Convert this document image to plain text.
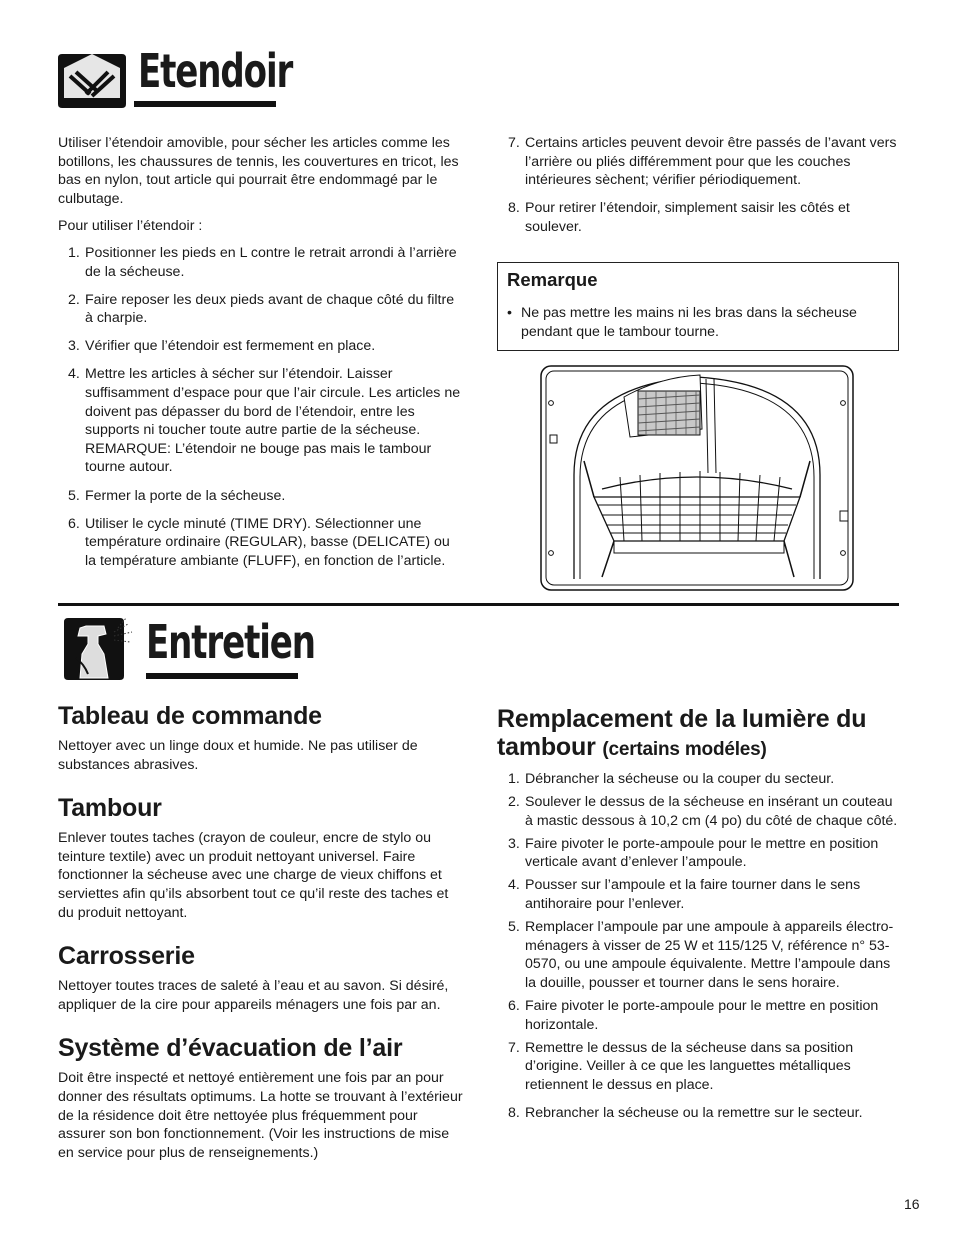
Etendoir

Utiliser l’étendoir amovible, pour sécher les articles comme les botillons, les chaussures de tennis, les couvertures en tricot, les bas en nylon, tout article qui pourrait être endommagé par le culbutage.

Pour utiliser l’étendoir :

1. Positionner les pieds en L contre le retrait arrondi à l’arrière de la sécheuse.
2. Faire reposer les deux pieds avant de chaque côté du filtre à charpie.
3. Vérifier que l’étendoir est fermement en place.
4. Mettre les articles à sécher sur l’étendoir. Laisser suffisamment d’espace pour que l’air circule. Les articles ne doivent pas dépasser du bord de l’étendoir, entre les supports ni toucher toute autre partie de la sécheuse. REMARQUE: L’étendoir ne bouge pas mais le tambour tourne autour.
5. Fermer la porte de la sécheuse.
6. Utiliser le cycle minuté (TIME DRY). Sélectionner une température ordinaire (REGULAR), basse (DELICATE) ou la température ambiante (FLUFF), en fonction de l’article.
7. Certains articles peuvent devoir être passés de l’avant vers l’arrière ou pliés différemment pour que les couches intérieures sèchent; vérifier périodiquement.
8. Pour retirer l’étendoir, simplement saisir les côtés et soulever.
Remarque
• Ne pas mettre les mains ni les bras dans la sécheuse pendant que le tambour tourne.
Entretien
Tableau de commande

Nettoyer avec un linge doux et humide. Ne pas utiliser de substances abrasives.

Tambour

Enlever toutes taches (crayon de couleur, encre de stylo ou teinture textile) avec un produit nettoyant universel. Faire fonctionner la sécheuse avec une charge de vieux chiffons et serviettes afin qu’ils absorbent tout ce qu’il reste des taches et du produit nettoyant.

Carrosserie

Nettoyer toutes traces de saleté à l’eau et au savon. Si désiré, appliquer de la cire pour appareils ménagers une fois par an.

Système d’évacuation de l’air

Doit être inspecté et nettoyé entièrement une fois par an pour donner des résultats optimums. La hotte se trouvant à l’extérieur de la résidence doit être nettoyée plus fréquemment pour assurer son bon fonctionnement. (Voir les instructions de mise en service pour plus de renseignements.)

Remplacement de la lumière du tambour (certains modéles)
1. Débrancher la sécheuse ou la couper du secteur.
2. Soulever le dessus de la sécheuse en insérant un couteau à mastic dessous à 10,2 cm (4 po) du côté de chaque côté.
3. Faire pivoter le porte-ampoule pour le mettre en position verticale avant d’enlever l’ampoule.
4. Pousser sur l’ampoule et la faire tourner dans le sens antihoraire pour l’enlever.
5. Remplacer l’ampoule par une ampoule à appareils électro-ménagers à visser de 25 W et 115/125 V, référence n° 53-0570, ou une ampoule équivalente. Mettre l’ampoule dans la douille, pousser et tourner dans le sens horaire.
6. Faire pivoter le porte-ampoule pour le mettre en position horizontale.
7. Remettre le dessus de la sécheuse dans sa position d’origine. Veiller à ce que les languettes métalliques retiennent le dessus en place.
8. Rebrancher la sécheuse ou la remettre sur le secteur.
16
